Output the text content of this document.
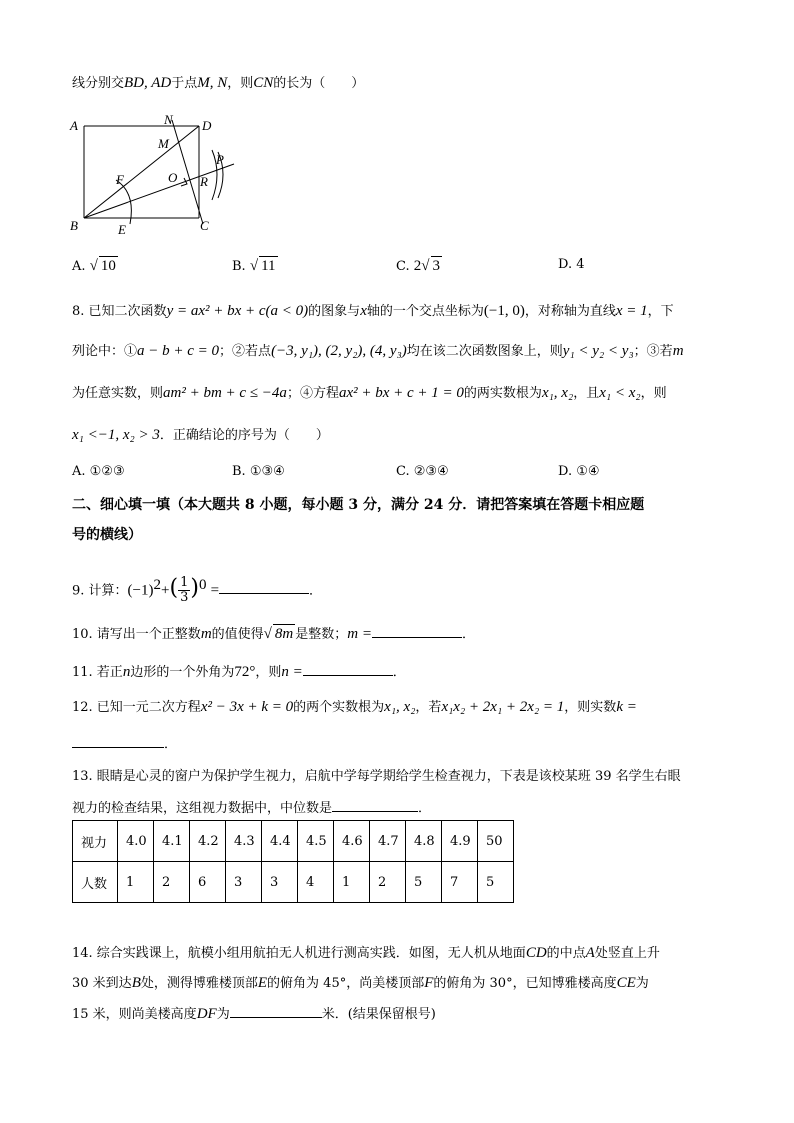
线分别交BD, AD于点M, N，则CN的长为（　　）
A	D
B	C
E
F
M
N
O
P
R
A. √ 10	B. √ 11	C. 2√ 3	D. 4
8. 已知二次函数y = ax² + bx + c(a < 0)的图象与x轴的一个交点坐标为(−1, 0)，对称轴为直线x = 1，下
列论中：①a − b + c = 0；②若点(−3, y₁), (2, y₂), (4, y₃)均在该二次函数图象上，则y₁ < y₂ < y₃；③若m
为任意实数，则am² + bm + c ≤ −4a；④方程ax² + bx + c + 1 = 0的两实数根为x₁, x₂，且x₁ < x₂，则
x₁ <−1, x₂ > 3．正确结论的序号为（　　）
A. ①②③	B. ①③④	C. ②③④	D. ①④
二、细心填一填（本大题共 8 小题，每小题 3 分，满分 24 分．请把答案填在答题卡相应题
号的横线）
9. 计算：$(-1)^2+( \frac{1}{3} )^0$ =	．
10. 请写出一个正整数m的值使得√ 8m 是整数；m =	．
11. 若正n边形的一个外角为72°，则n =	．
12. 已知一元二次方程x² − 3x + k = 0的两个实数根为x₁, x₂，若x₁x₂ + 2x₁ + 2x₂ = 1，则实数k =
．
13. 眼睛是心灵的窗户为保护学生视力，启航中学每学期给学生检查视力，下表是该校某班 39 名学生右眼
视力的检查结果，这组视力数据中，中位数是	．
视力	4.0	4.1	4.2	4.3	4.4	4.5	4.6	4.7	4.8	4.9	50
人数	1	2	6	3	3	4	1	2	5	7	5
14. 综合实践课上，航模小组用航拍无人机进行测高实践．如图，无人机从地面CD的中点A处竖直上升
30 米到达B处，测得博雅楼顶部E的俯角为 45°，尚美楼顶部F的俯角为 30°，已知博雅楼高度CE为
15 米，则尚美楼高度DF为	米．(结果保留根号)
